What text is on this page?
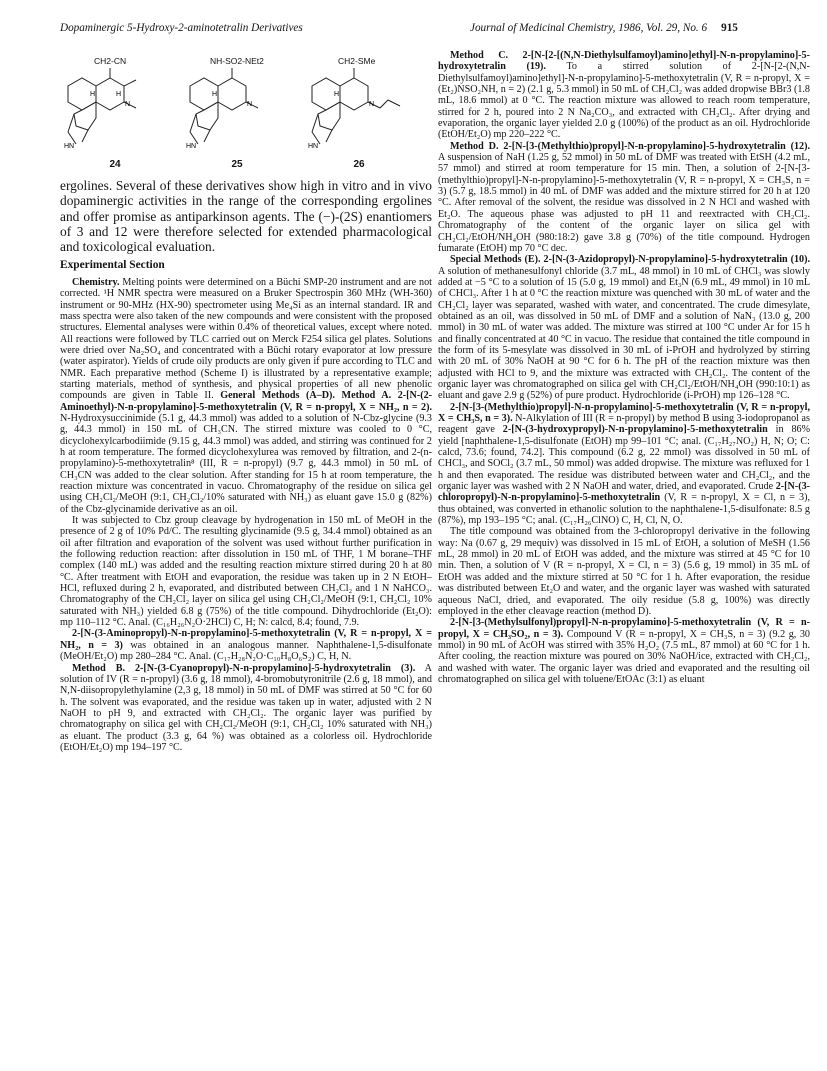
Dopaminergic 5-Hydroxy-2-aminotetralin Derivatives	Journal of Medicinal Chemistry, 1986, Vol. 29, No. 6 915
CH2-CN
H	H
N
HN
24
NH-SO2-NEt2
H
N
HN
25
CH2-SMe
H
N
HN
26

ergolines. Several of these derivatives show high in vitro and in vivo dopaminergic activities in the range of the corresponding ergolines and offer promise as antiparkinson agents. The (−)-(2S) enantiomers of 3 and 12 were therefore selected for extended pharmacological and toxicological evaluation.

Experimental Section

Chemistry. Melting points were determined on a Büchi SMP-20 instrument and are not corrected. ¹H NMR spectra were measured on a Bruker Spectrospin 360 MHz (WH-360) instrument or 90-MHz (HX-90) spectrometer using Me₄Si as an internal standard. IR and mass spectra were also taken of the new compounds and were consistent with the proposed structures. Elemental analyses were within 0.4% of theoretical values, except where noted. All reactions were followed by TLC carried out on Merck F254 silica gel plates. Solutions were dried over Na₂SO₄ and concentrated with a Büchi rotary evaporator at low pressure (water aspirator). Yields of crude oily products are only given if pure according to TLC and NMR. Each preparative method (Scheme I) is illustrated by a representative example; starting materials, method of synthesis, and physical properties of all new phenolic compounds are given in Table II. General Methods (A–D). Method A. 2-[N-(2-Aminoethyl)-N-n-propylamino]-5-methoxytetralin (V, R = n-propyl, X = NH₂, n = 2). N-Hydroxysuccinimide (5.1 g, 44.3 mmol) was added to a solution of N-Cbz-glycine (9.3 g, 44.3 mmol) in 150 mL of CH₃CN. The stirred mixture was cooled to 0 °C, dicyclohexylcarbodiimide (9.15 g, 44.3 mmol) was added, and stirring was continued for 2 h at room temperature. The formed dicyclohexylurea was removed by filtration, and 2-(n-propylamino)-5-methoxytetralin⁸ (III, R = n-propyl) (9.7 g, 44.3 mmol) in 50 mL of CH₃CN was added to the clear solution. After standing for 15 h at room temperature, the reaction mixture was concentrated in vacuo. Chromatography of the residue on silica gel using CH₂Cl₂/MeOH (9:1, CH₂Cl₂/10% saturated with NH₃) as eluant gave 15.0 g (82%) of the Cbz-glycinamide derivative as an oil.

It was subjected to Cbz group cleavage by hydrogenation in 150 mL of MeOH in the presence of 2 g of 10% Pd/C. The resulting glycinamide (9.5 g, 34.4 mmol) obtained as an oil after filtration and evaporation of the solvent was used without further purification in the following reduction reaction: after dissolution in 150 mL of THF, 1 M borane–THF complex (140 mL) was added and the resulting reaction mixture stirred during 20 h at 80 °C. After treatment with EtOH and evaporation, the residue was taken up in 2 N EtOH–HCl, refluxed during 2 h, evaporated, and distributed between CH₂Cl₂ and 1 N NaHCO₃. Chromatography of the CH₂Cl₂ layer on silica gel using CH₂Cl₂/MeOH (9:1, CH₂Cl₂ 10% saturated with NH₃) yielded 6.8 g (75%) of the title compound. Dihydrochloride (Et₂O): mp 110–112 °C. Anal. (C₁₆H₂₆N₂O·2HCl) C, H; N: calcd, 8.4; found, 7.9.

2-[N-(3-Aminopropyl)-N-n-propylamino]-5-methoxytetralin (V, R = n-propyl, X = NH₂, n = 3) was obtained in an analogous manner. Naphthalene-1,5-disulfonate (MeOH/Et₂O) mp 280–284 °C. Anal. (C₁₇H₂₈N₂O·C₁₀H₈O₆S₂) C, H, N.

Method B. 2-[N-(3-Cyanopropyl)-N-n-propylamino]-5-hydroxytetralin (3). A solution of IV (R = n-propyl) (3.6 g, 18 mmol), 4-bromobutyronitrile (2.6 g, 18 mmol), and N,N-diisopropylethylamine (2,3 g, 18 mmol) in 50 mL of DMF was stirred at 50 °C for 60 h. The solvent was evaporated, and the residue was taken up in water, adjusted with 2 N NaOH to pH 9, and extracted with CH₂Cl₂. The organic layer was purified by chromatography on silica gel with CH₂Cl₂/MeOH (9:1, CH₂Cl₂ 10% saturated with NH₃) as eluant. The product (3.3 g, 64 %) was obtained as a colorless oil. Hydrochloride (EtOH/Et₂O) mp 194–197 °C.

Method C. 2-[N-[2-[(N,N-Diethylsulfamoyl)amino]ethyl]-N-n-propylamino]-5-hydroxytetralin (19). To a stirred solution of 2-[N-[2-(N,N-Diethylsulfamoyl)amino]ethyl]-N-n-propylamino]-5-methoxytetralin (V, R = n-propyl, X = (Et₂)NSO₂NH, n = 2) (2.1 g, 5.3 mmol) in 50 mL of CH₂Cl₂ was added dropwise BBr3 (1.8 mL, 18.6 mmol) at 0 °C. The reaction mixture was allowed to reach room temperature, stirred for 2 h, poured into 2 N Na₂CO₃, and extracted with CH₂Cl₂. After drying and evaporation, the organic layer yielded 2.0 g (100%) of the product as an oil. Hydrochloride (EtOH/Et₂O) mp 220–222 °C.

Method D. 2-[N-[3-(Methylthio)propyl]-N-n-propylamino]-5-hydroxytetralin (12). A suspension of NaH (1.25 g, 52 mmol) in 50 mL of DMF was treated with EtSH (4.2 mL, 57 mmol) and stirred at room temperature for 15 min. Then, a solution of 2-[N-[3-(methylthio)propyl]-N-n-propylamino]-5-methoxytetralin (V, R = n-propyl, X = CH₃S, n = 3) (5.7 g, 18.5 mmol) in 40 mL of DMF was added and the mixture stirred for 20 h at 120 °C. After removal of the solvent, the residue was dissolved in 2 N HCl and washed with Et₂O. The aqueous phase was adjusted to pH 11 and reextracted with CH₂Cl₂. Chromatography of the content of the organic layer on silica gel with CH₂Cl₂/EtOH/NH₄OH (980:18:2) gave 3.8 g (70%) of the title compound. Hydrogen fumarate (EtOH) mp 70 °C dec.

Special Methods (E). 2-[N-(3-Azidopropyl)-N-propylamino]-5-hydroxytetralin (10). A solution of methanesulfonyl chloride (3.7 mL, 48 mmol) in 10 mL of CHCl₃ was slowly added at −5 °C to a solution of 15 (5.0 g, 19 mmol) and Et₃N (6.9 mL, 49 mmol) in 10 mL of CHCl₃. After 1 h at 0 °C the reaction mixture was quenched with 30 mL of water and the CH₂Cl₂ layer was separated, washed with water, and concentrated. The crude dimesylate, obtained as an oil, was dissolved in 50 mL of DMF and a solution of NaN₃ (13.0 g, 200 mmol) in 30 mL of water was added. The mixture was stirred at 100 °C under Ar for 15 h and finally concentrated at 40 °C in vacuo. The residue that contained the title compound in the form of its 5-mesylate was dissolved in 30 mL of i-PrOH and hydrolyzed by stirring with 20 mL of 30% NaOH at 90 °C for 6 h. The pH of the reaction mixture was then adjusted with HCl to 9, and the mixture was extracted with CH₂Cl₂. The content of the organic layer was chromatographed on silica gel with CH₂Cl₂/EtOH/NH₄OH (990:10:1) as eluant and gave 2.9 g (52%) of pure product. Hydrochloride (i-PrOH) mp 126–128 °C.

2-[N-[3-(Methylthio)propyl]-N-n-propylamino]-5-methoxytetralin (V, R = n-propyl, X = CH₃S, n = 3). N-Alkylation of III (R = n-propyl) by method B using 3-iodopropanol as reagent gave 2-[N-(3-hydroxypropyl)-N-n-propylamino]-5-methoxytetralin in 86% yield [naphthalene-1,5-disulfonate (EtOH) mp 99–101 °C; anal. (C₁₇H₂₇NO₂) H, N; O; C: calcd, 73.6; found, 74.2]. This compound (6.2 g, 22 mmol) was dissolved in 50 mL of CHCl₃, and SOCl₂ (3.7 mL, 50 mmol) was added dropwise. The mixture was refluxed for 1 h and then evaporated. The residue was distributed between water and CH₂Cl₂, and the organic layer was washed with 2 N NaOH and water, dried, and evaporated. Crude 2-[N-(3-chloropropyl)-N-n-propylamino]-5-methoxytetralin (V, R = n-propyl, X = Cl, n = 3), thus obtained, was converted in ethanolic solution to the naphthalene-1,5-disulfonate: 8.5 g (87%), mp 193–195 °C; anal. (C₁₇H₂₆ClNO) C, H, Cl, N, O.

The title compound was obtained from the 3-chloropropyl derivative in the following way: Na (0.67 g, 29 mequiv) was dissolved in 15 mL of EtOH, a solution of MeSH (1.56 mL, 28 mmol) in 20 mL of EtOH was added, and the mixture was stirred at 45 °C for 10 min. Then, a solution of V (R = n-propyl, X = Cl, n = 3) (5.6 g, 19 mmol) in 35 mL of EtOH was added and the mixture stirred at 50 °C for 1 h. After evaporation, the residue was distributed between Et₂O and water, and the organic layer was washed with saturated aqueous NaCl, dried, and evaporated. The oily residue (5.8 g, 100%) was directly employed in the ether cleavage reaction (method D).

2-[N-[3-(Methylsulfonyl)propyl]-N-n-propylamino]-5-methoxytetralin (V, R = n-propyl, X = CH₃SO₂, n = 3). Compound V (R = n-propyl, X = CH₃S, n = 3) (9.2 g, 30 mmol) in 90 mL of AcOH was stirred with 35% H₂O₂ (7.5 mL, 87 mmol) at 60 °C for 1 h. After cooling, the reaction mixture was poured on 30% NaOH/ice, extracted with CH₂Cl₂, and washed with water. The organic layer was dried and evaporated and the resulting oil chromatographed on silica gel with toluene/EtOAc (3:1) as eluant
